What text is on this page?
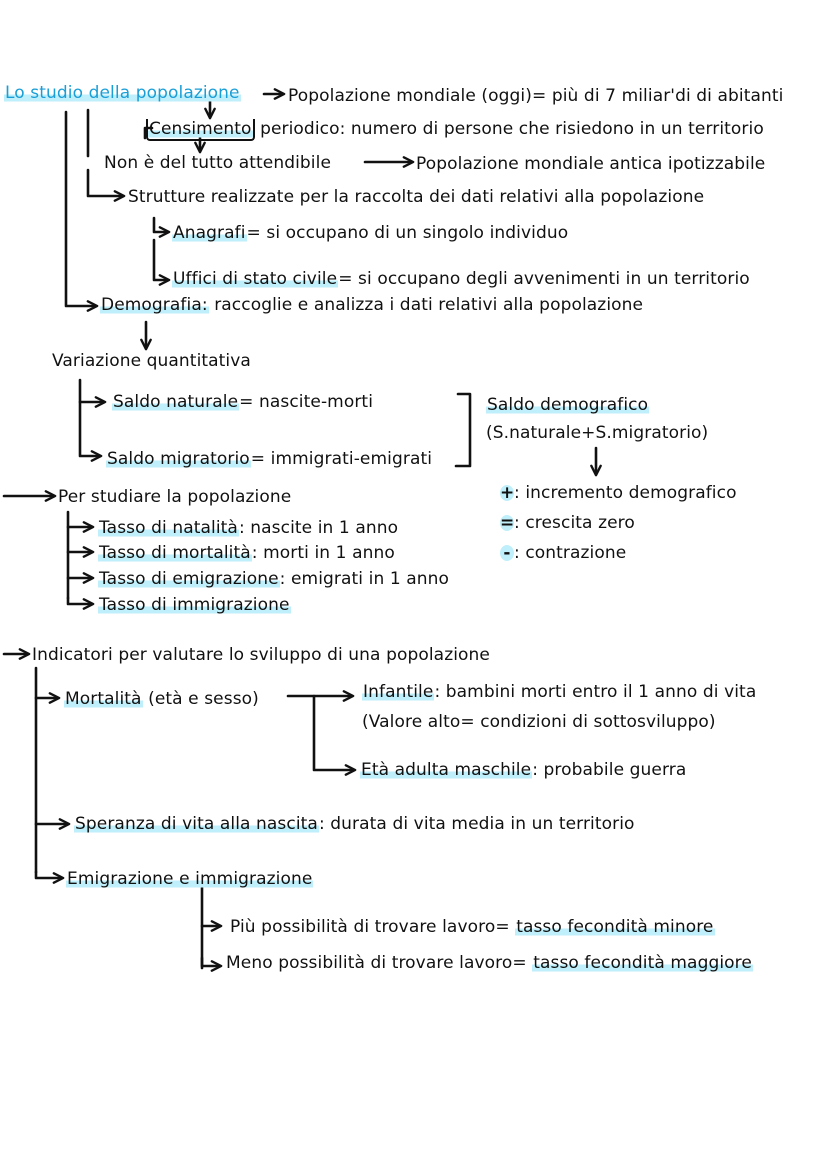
Lo studio della popolazione	Popolazione mondiale (oggi)= più di 7 miliar'di di abitanti
Censimento periodico: numero di persone che risiedono in un territorio
Non è del tutto attendibile	Popolazione mondiale antica ipotizzabile
Strutture realizzate per la raccolta dei dati relativi alla popolazione
Anagrafi= si occupano di un singolo individuo
Uffici di stato civile= si occupano degli avvenimenti in un territorio
Demografia: raccoglie e analizza i dati relativi alla popolazione
Variazione quantitativa
Saldo naturale= nascite-morti
Saldo migratorio= immigrati-emigrati
Saldo demografico
(S.naturale+S.migratorio)
+: incremento demografico
=: crescita zero
- : contrazione
Per studiare la popolazione
Tasso di natalità: nascite in 1 anno
Tasso di mortalità: morti in 1 anno
Tasso di emigrazione: emigrati in 1 anno
Tasso di immigrazione
Indicatori per valutare lo sviluppo di una popolazione
Mortalità (età e sesso)	Infantile: bambini morti entro il 1 anno di vita
(Valore alto= condizioni di sottosviluppo)
Età adulta maschile: probabile guerra
Speranza di vita alla nascita: durata di vita media in un territorio
Emigrazione e immigrazione
Più possibilità di trovare lavoro= tasso fecondità minore
Meno possibilità di trovare lavoro= tasso fecondità maggiore
